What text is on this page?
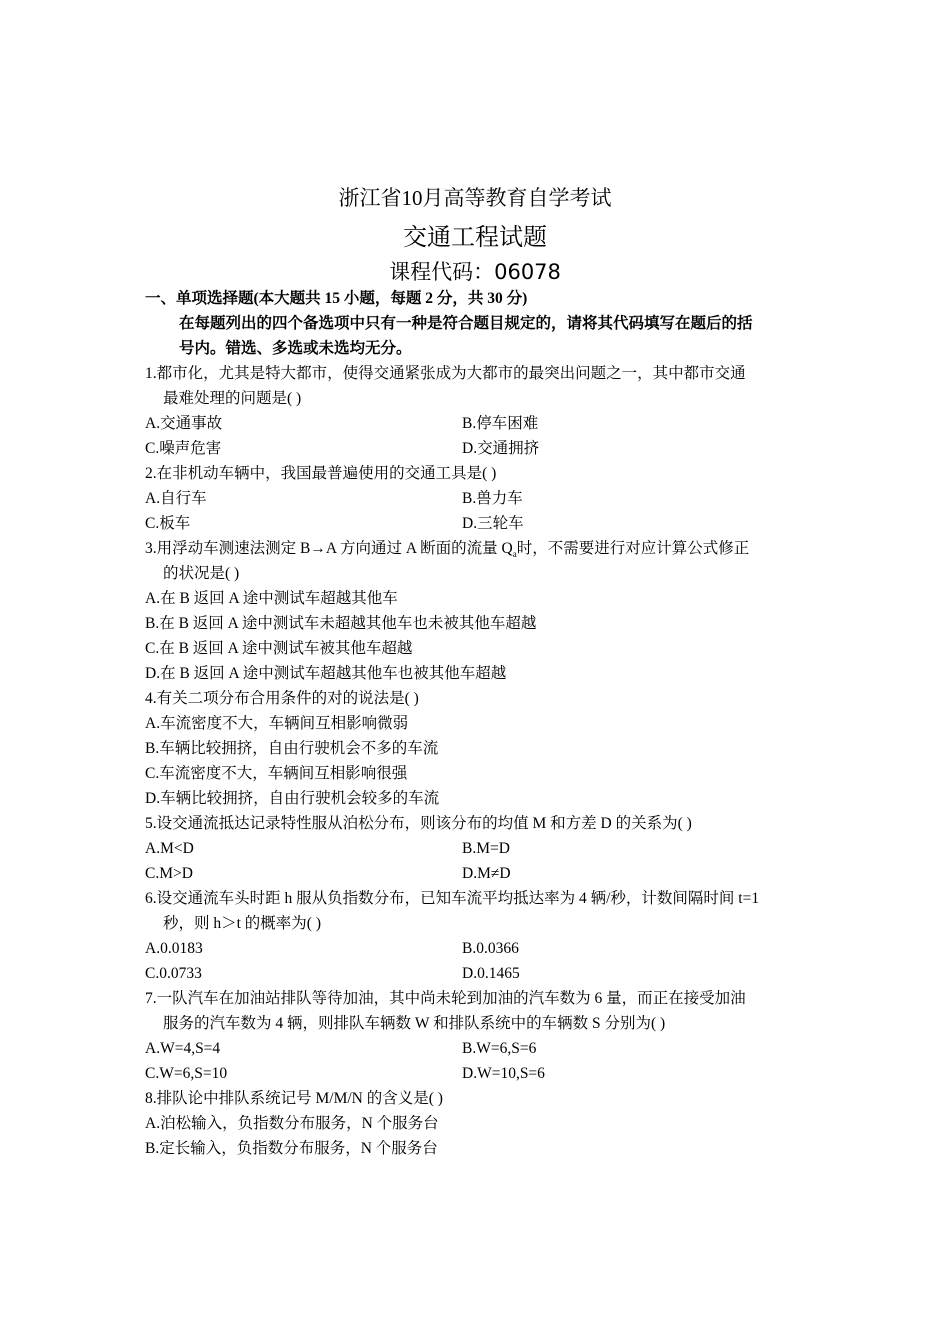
浙江省10月高等教育自学考试
交通工程试题
课程代码：06078
一、单项选择题(本大题共 15 小题，每题 2 分，共 30 分)
在每题列出的四个备选项中只有一种是符合题目规定的，请将其代码填写在题后的括
号内。错选、多选或未选均无分。
1.都市化，尤其是特大都市，使得交通紧张成为大都市的最突出问题之一，其中都市交通
最难处理的问题是( )
A.交通事故	B.停车困难
C.噪声危害	D.交通拥挤
2.在非机动车辆中，我国最普遍使用的交通工具是( )
A.自行车	B.兽力车
C.板车	D.三轮车
3.用浮动车测速法测定 B→A 方向通过 A 断面的流量 $Q_a$时，不需要进行对应计算公式修正
的状况是( )
A.在 B 返回 A 途中测试车超越其他车
B.在 B 返回 A 途中测试车未超越其他车也未被其他车超越
C.在 B 返回 A 途中测试车被其他车超越
D.在 B 返回 A 途中测试车超越其他车也被其他车超越
4.有关二项分布合用条件的对的说法是( )
A.车流密度不大，车辆间互相影响微弱
B.车辆比较拥挤，自由行驶机会不多的车流
C.车流密度不大，车辆间互相影响很强
D.车辆比较拥挤，自由行驶机会较多的车流
5.设交通流抵达记录特性服从泊松分布，则该分布的均值 M 和方差 D 的关系为( )
A.M<D	B.M=D
C.M>D	D.M≠D
6.设交通流车头时距 h 服从负指数分布，已知车流平均抵达率为 4 辆/秒，计数间隔时间 t=1
秒，则 h＞t 的概率为( )
A.0.0183	B.0.0366
C.0.0733	D.0.1465
7.一队汽车在加油站排队等待加油，其中尚未轮到加油的汽车数为 6 量，而正在接受加油
服务的汽车数为 4 辆，则排队车辆数 W 和排队系统中的车辆数 S 分别为( )
A.W=4,S=4	B.W=6,S=6
C.W=6,S=10	D.W=10,S=6
8.排队论中排队系统记号 M/M/N 的含义是( )
A.泊松输入，负指数分布服务，N 个服务台
B.定长输入，负指数分布服务，N 个服务台
